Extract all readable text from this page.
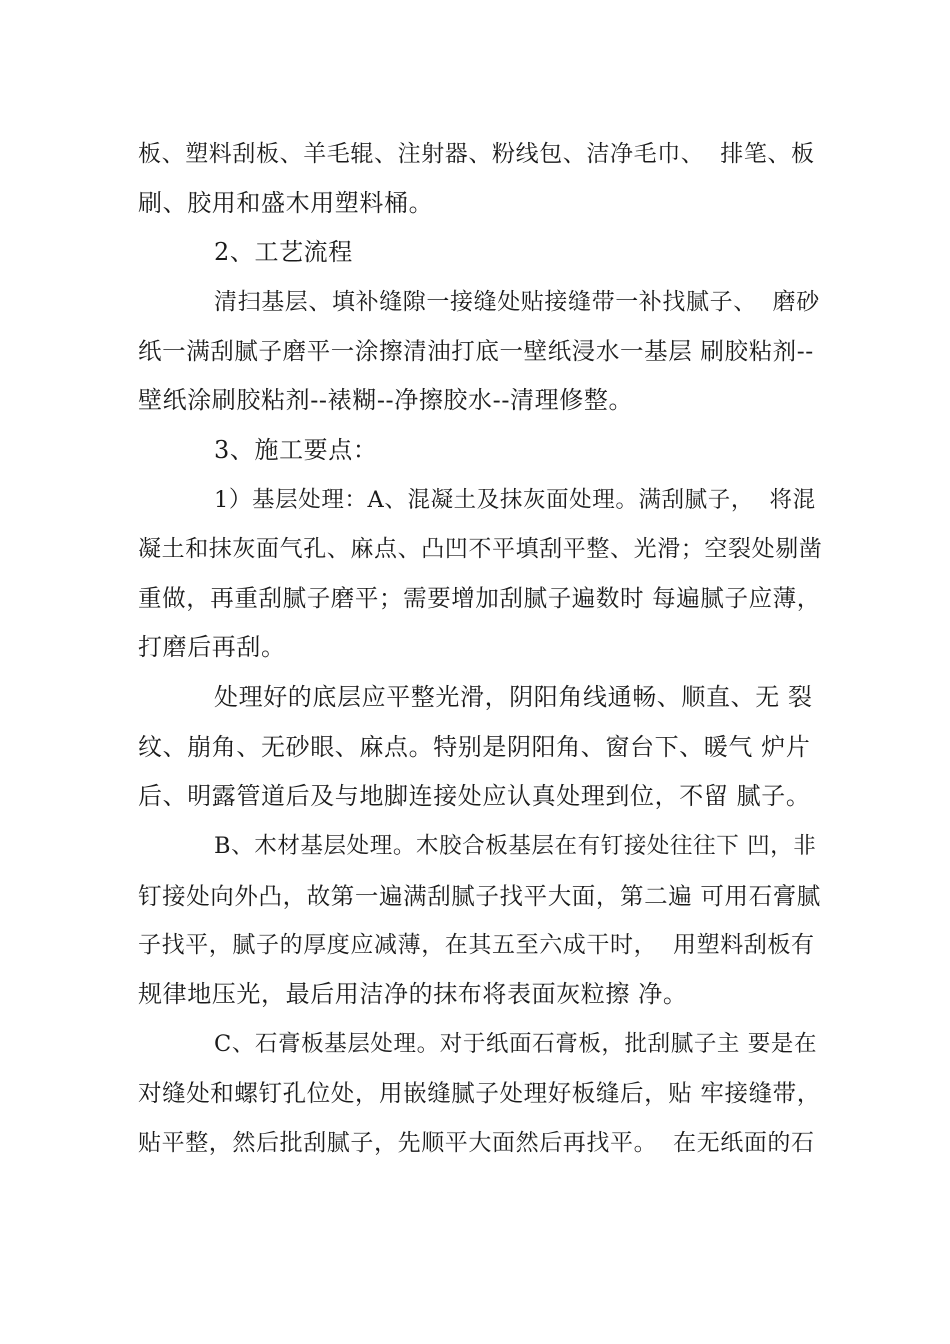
板、塑料刮板、羊毛辊、注射器、粉线包、洁净毛巾、  排笔、板
刷、胶用和盛木用塑料桶。
2、工艺流程
清扫基层、填补缝隙一接缝处贴接缝带一补找腻子、  磨砂
纸一满刮腻子磨平一涂擦清油打底一壁纸浸水一基层 刷胶粘剂--
壁纸涂刷胶粘剂--裱糊--净擦胶水--清理修整。
3、施工要点：
1）基层处理：A、混凝土及抹灰面处理。满刮腻子，  将混
凝土和抹灰面气孔、麻点、凸凹不平填刮平整、光滑；空裂处剔凿
重做，再重刮腻子磨平；需要增加刮腻子遍数时 每遍腻子应薄，
打磨后再刮。
处理好的底层应平整光滑，阴阳角线通畅、顺直、无 裂
纹、崩角、无砂眼、麻点。特别是阴阳角、窗台下、暖气 炉片
后、明露管道后及与地脚连接处应认真处理到位，不留 腻子。
B、木材基层处理。木胶合板基层在有钉接处往往下 凹，非
钉接处向外凸，故第一遍满刮腻子找平大面，第二遍 可用石膏腻
子找平，腻子的厚度应减薄，在其五至六成干时，  用塑料刮板有
规律地压光，最后用洁净的抹布将表面灰粒擦 净。
C、石膏板基层处理。对于纸面石膏板，批刮腻子主 要是在
对缝处和螺钉孔位处，用嵌缝腻子处理好板缝后，贴 牢接缝带，
贴平整，然后批刮腻子，先顺平大面然后再找平。  在无纸面的石
